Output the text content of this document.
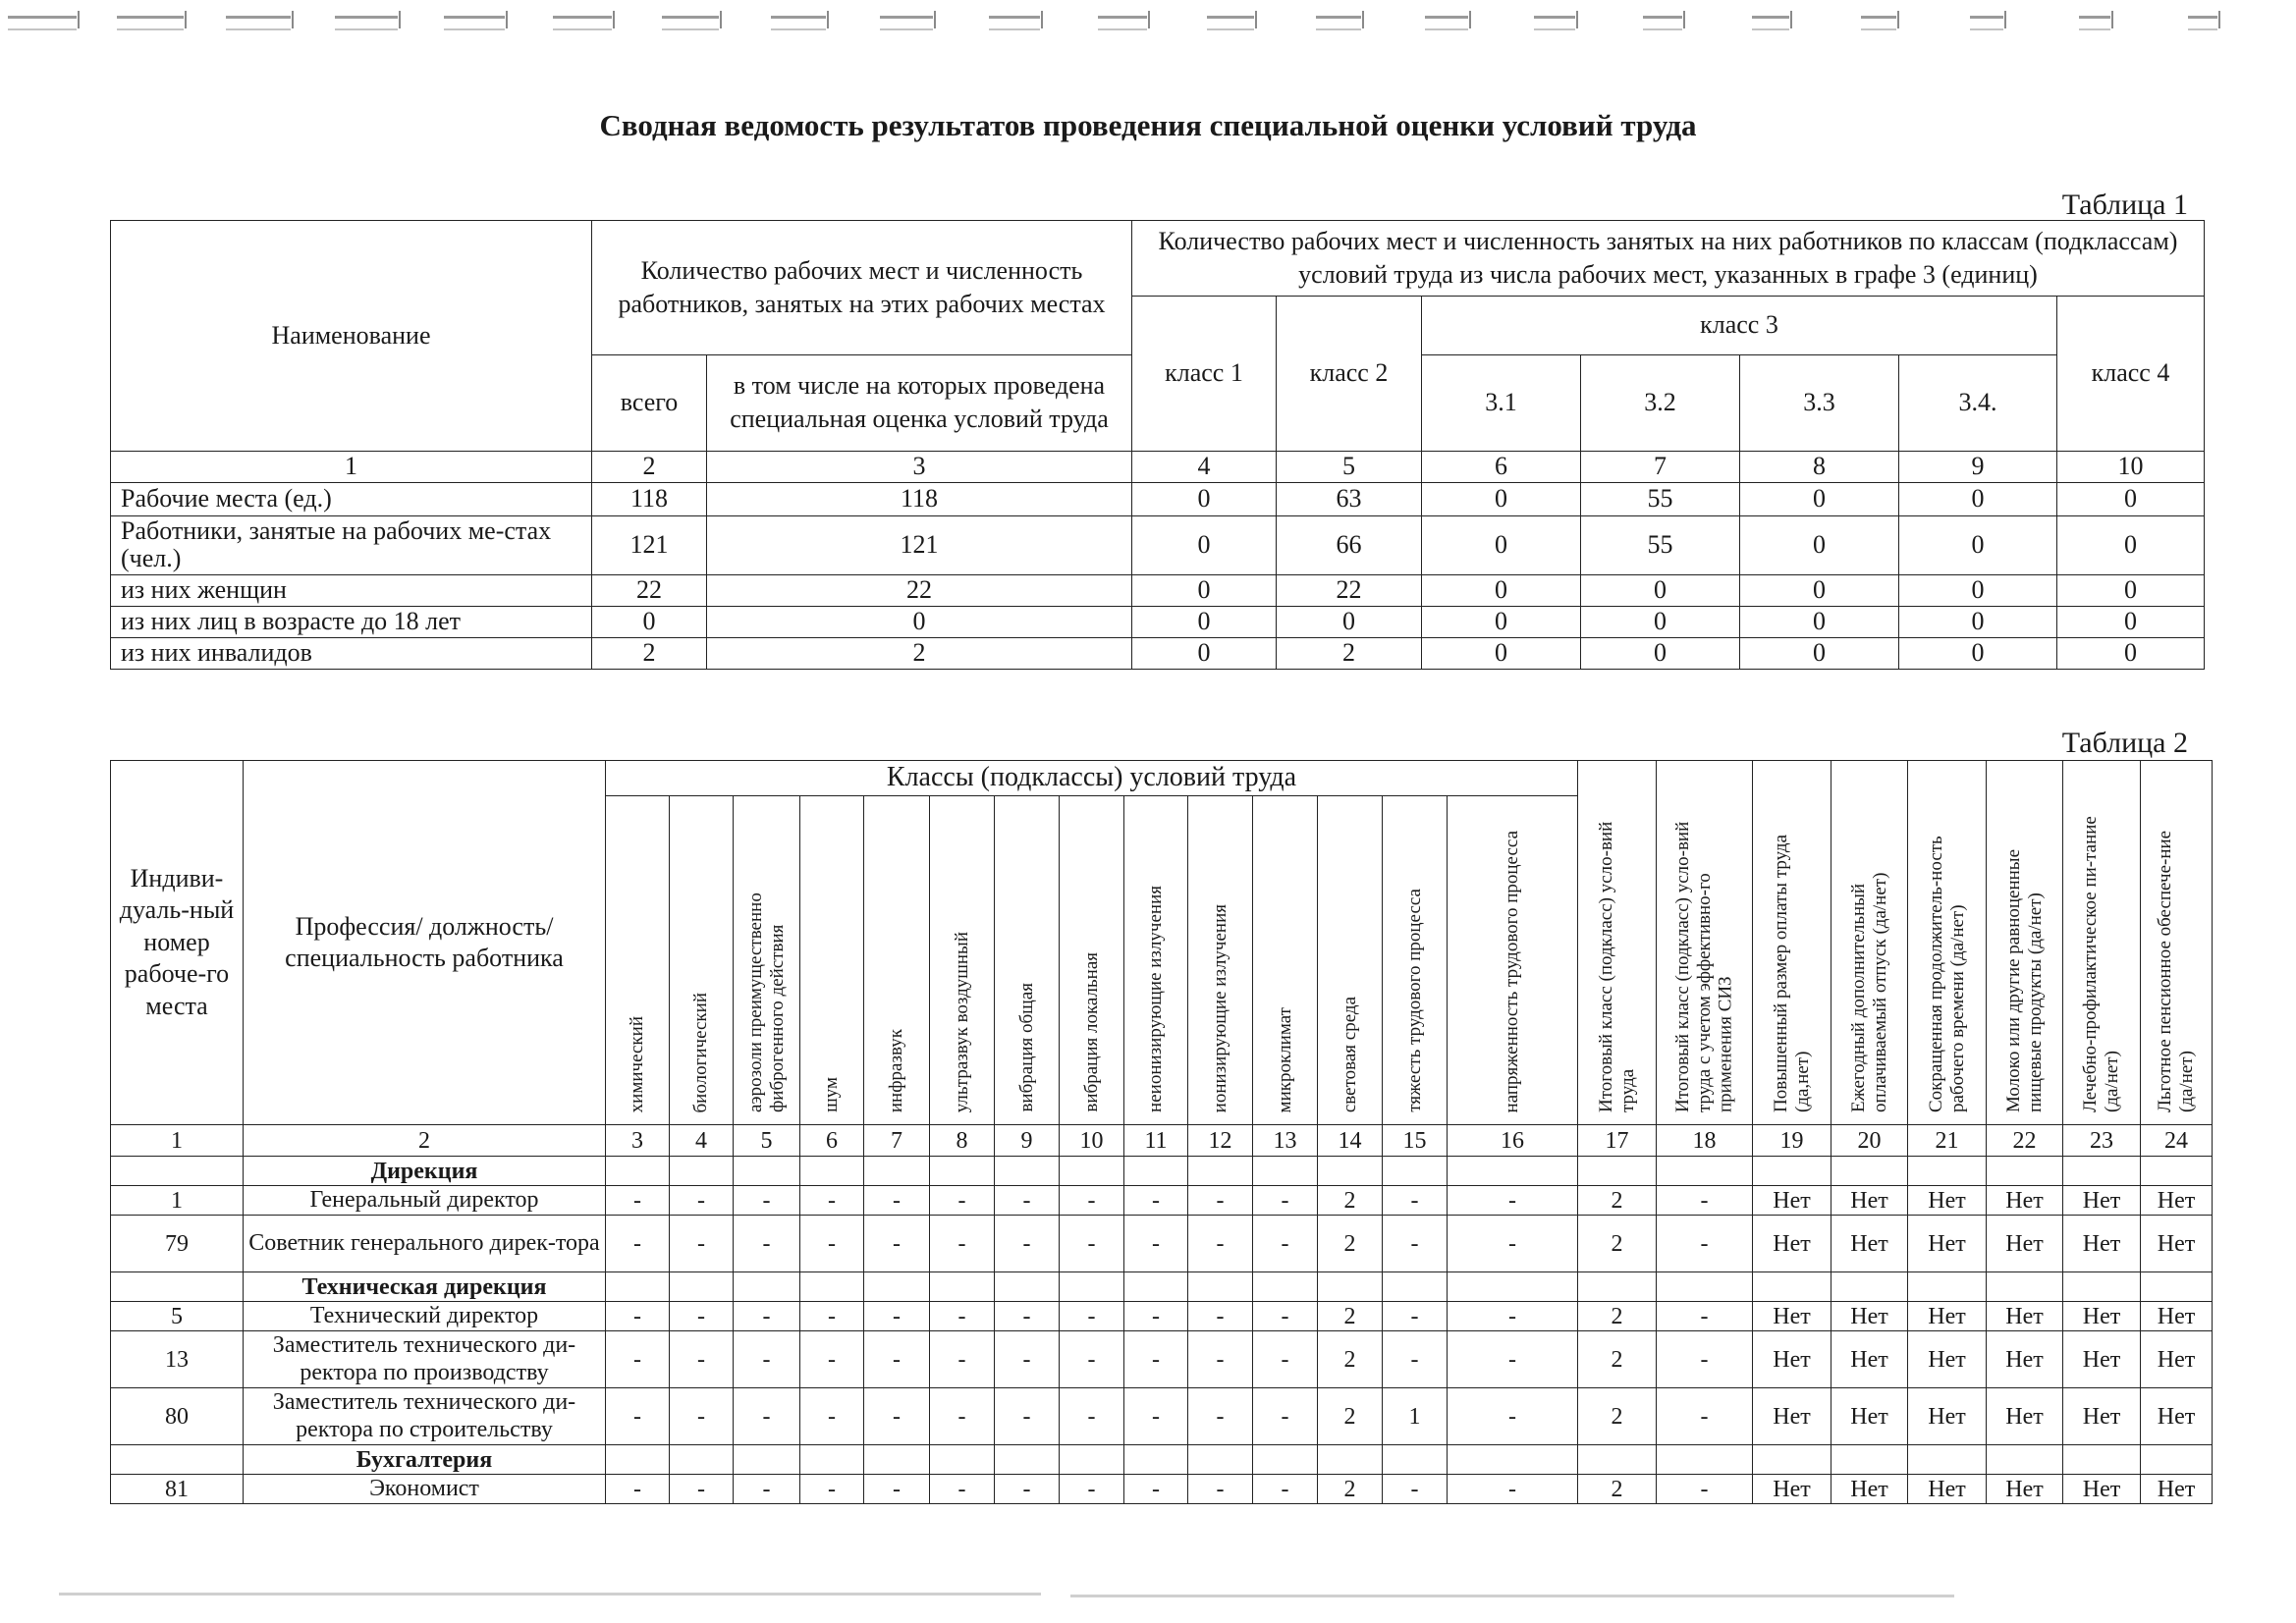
Сводная ведомость результатов проведения специальной оценки условий труда
Таблица 1
Наименование	Количество рабочих мест и численность работников, занятых на этих рабочих местах		Количество рабочих мест и численность занятых на них работников по классам (подклассам) условий труда из числа рабочих мест, указанных в графе 3 (единиц)						
			класс 1	класс 2	класс 3				класс 4
	всего	в том числе на которых проведена специальная оценка условий труда			3.1	3.2	3.3	3.4.	
1	2	3	4	5	6	7	8	9	10
Рабочие места (ед.)	118	118	0	63	0	55	0	0	0
Работники, занятые на рабочих ме-стах (чел.)	121	121	0	66	0	55	0	0	0
из них женщин	22	22	0	22	0	0	0	0	0
из них лиц в возрасте до 18 лет	0	0	0	0	0	0	0	0	0
из них инвалидов	2	2	0	2	0	0	0	0	0
Таблица 2
Индиви-дуаль-ный номер рабоче-го места	Профессия/ должность/ специальность работника	Классы (подклассы) условий труда														Итоговый класс (подкласс) усло-вий труда	Итоговый класс (подкласс) усло-вий труда с учетом эффективно-го применения СИЗ	Повышенный размер оплаты труда (да,нет)	Ежегодный дополнительный оплачиваемый отпуск (да/нет)	Сокращенная продолжитель-ность рабочего времени (да/нет)	Молоко или другие равноценные пищевые продукты (да/нет)	Лечебно-профилактическое пи-тание (да/нет)	Льготное пенсионное обеспече-ние (да/нет)
		химический	биологический	аэрозоли преимущественно фиброгенного действия	шум	инфразвук	ультразвук воздушный	вибрация общая	вибрация локальная	неионизирующие излучения	ионизирующие излучения	микроклимат	световая среда	тяжесть трудового процесса	напряженность трудового процесса								
1	2	3	4	5	6	7	8	9	10	11	12	13	14	15	16	17	18	19	20	21	22	23	24
	Дирекция																						
1	Генеральный директор	-	-	-	-	-	-	-	-	-	-	-	2	-	-	2	-	Нет	Нет	Нет	Нет	Нет	Нет
79	Советник генерального дирек-тора	-	-	-	-	-	-	-	-	-	-	-	2	-	-	2	-	Нет	Нет	Нет	Нет	Нет	Нет
	Техническая дирекция																						
5	Технический директор	-	-	-	-	-	-	-	-	-	-	-	2	-	-	2	-	Нет	Нет	Нет	Нет	Нет	Нет
13	Заместитель технического ди-ректора по производству	-	-	-	-	-	-	-	-	-	-	-	2	-	-	2	-	Нет	Нет	Нет	Нет	Нет	Нет
80	Заместитель технического ди-ректора по строительству	-	-	-	-	-	-	-	-	-	-	-	2	1	-	2	-	Нет	Нет	Нет	Нет	Нет	Нет
	Бухгалтерия																						
81	Экономист	-	-	-	-	-	-	-	-	-	-	-	2	-	-	2	-	Нет	Нет	Нет	Нет	Нет	Нет
